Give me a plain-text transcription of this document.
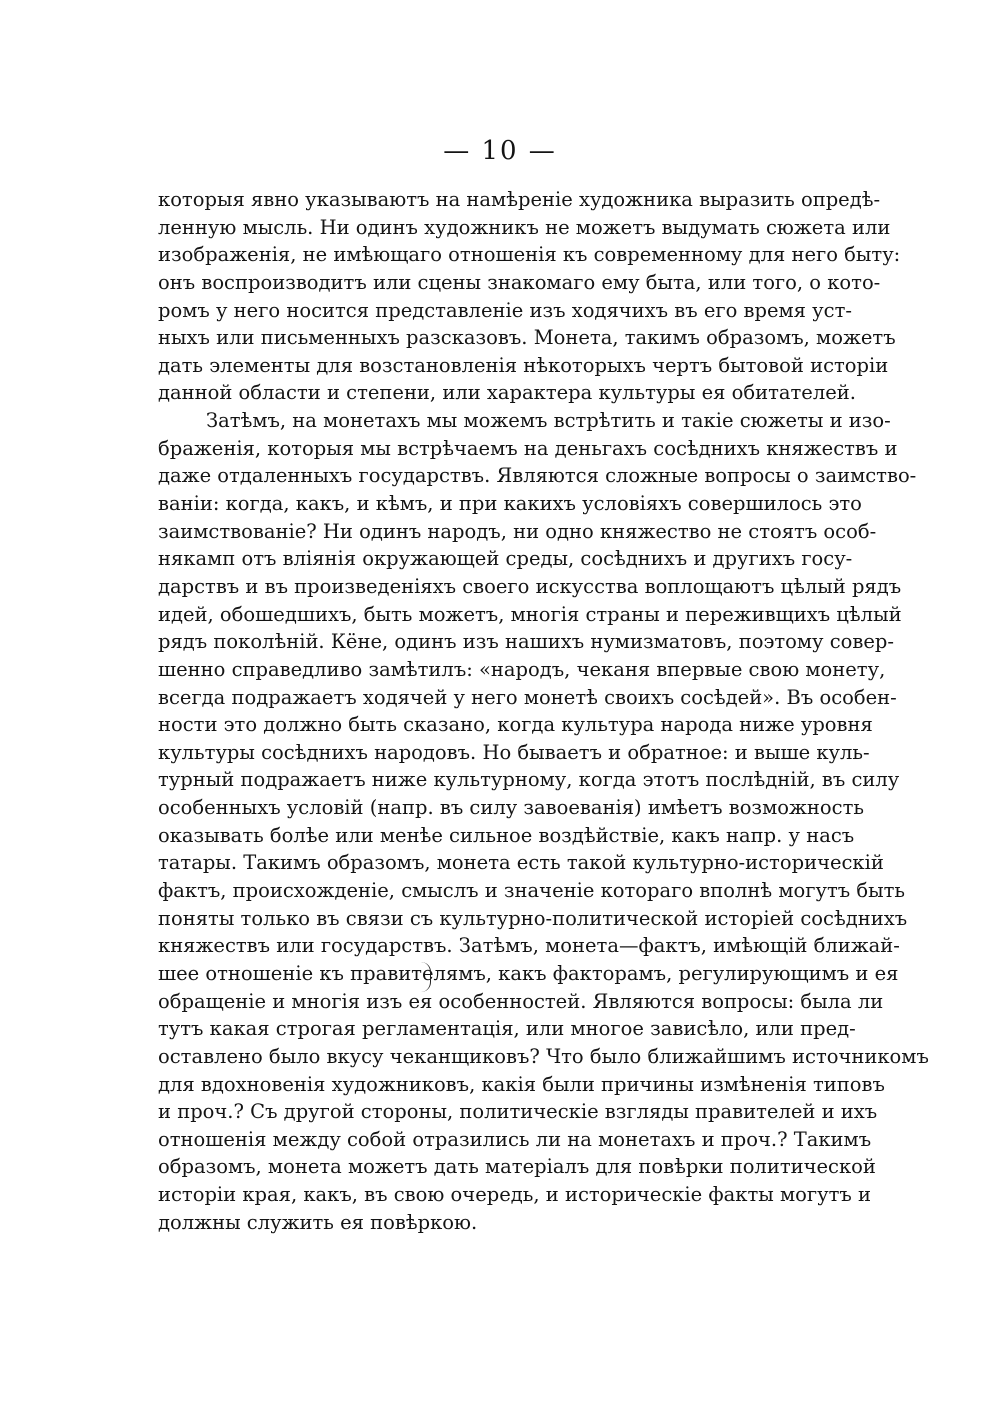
— 10 —
которыя явно указываютъ на намѣреніе художника выразить опредѣ-
ленную мысль. Ни одинъ художникъ не можетъ выдумать сюжета или
изображенія, не имѣющаго отношенія къ современному для него быту:
онъ воспроизводитъ или сцены знакомаго ему быта, или того, о кото-
ромъ у него носится представленіе изъ ходячихъ въ его время уст-
ныхъ или письменныхъ разсказовъ. Монета, такимъ образомъ, можетъ
дать элементы для возстановленія нѣкоторыхъ чертъ бытовой исторіи
данной области и степени, или характера культуры ея обитателей.
Затѣмъ, на монетахъ мы можемъ встрѣтить и такіе сюжеты и изо-
браженія, которыя мы встрѣчаемъ на деньгахъ сосѣднихъ княжествъ и
даже отдаленныхъ государствъ. Являются сложные вопросы о заимство-
ваніи: когда, какъ, и кѣмъ, и при какихъ условіяхъ совершилось это
заимствованіе? Ни одинъ народъ, ни одно княжество не стоятъ особ-
някамп отъ вліянія окружающей среды, сосѣднихъ и другихъ госу-
дарствъ и въ произведеніяхъ своего искусства воплощаютъ цѣлый рядъ
идей, обошедшихъ, быть можетъ, многія страны и переживщихъ цѣлый
рядъ поколѣній. Кёне, одинъ изъ нашихъ нумизматовъ, поэтому совер-
шенно справедливо замѣтилъ: «народъ, чеканя впервые свою монету,
всегда подражаетъ ходячей у него монетѣ своихъ сосѣдей». Въ особен-
ности это должно быть сказано, когда культура народа ниже уровня
культуры сосѣднихъ народовъ. Но бываетъ и обратное: и выше куль-
турный подражаетъ ниже культурному, когда этотъ послѣдній, въ силу
особенныхъ условій (напр. въ силу завоеванія) имѣетъ возможность
оказывать болѣе или менѣе сильное воздѣйствіе, какъ напр. у насъ
татары. Такимъ образомъ, монета есть такой культурно-историческій
фактъ, происхожденіе, смыслъ и значеніе котораго вполнѣ могутъ быть
поняты только въ связи съ культурно-политической исторіей сосѣднихъ
княжествъ или государствъ. Затѣмъ, монета—фактъ, имѣющій ближай-
шее отношеніе къ правителямъ, какъ факторамъ, регулирующимъ и ея
обращеніе и многія изъ ея особенностей. Являются вопросы: была ли
тутъ какая строгая регламентація, или многое зависѣло, или пред-
оставлено было вкусу чеканщиковъ? Что было ближайшимъ источникомъ
для вдохновенія художниковъ, какія были причины измѣненія типовъ
и проч.? Съ другой стороны, политическіе взгляды правителей и ихъ
отношенія между собой отразились ли на монетахъ и проч.? Такимъ
образомъ, монета можетъ дать матеріалъ для повѣрки политической
исторіи края, какъ, въ свою очередь, и историческіе факты могутъ и
должны служить ея повѣркою.
